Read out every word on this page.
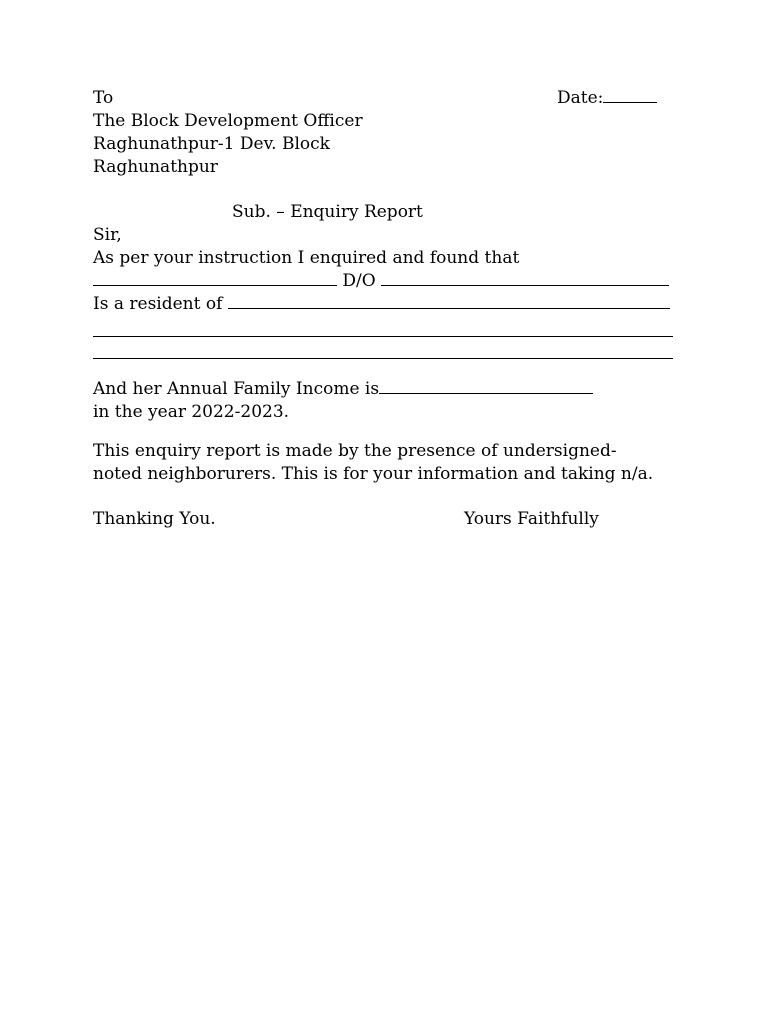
To	Date:
The Block Development Officer
Raghunathpur-1 Dev. Block
Raghunathpur
Sub. – Enquiry Report
Sir,
As per your instruction I enquired and found that
D/O
Is a resident of
And her Annual Family Income is
in the year 2022-2023.
This enquiry report is made by the presence of undersigned-
noted neighborurers. This is for your information and taking n/a.
Thanking You.	Yours Faithfully
